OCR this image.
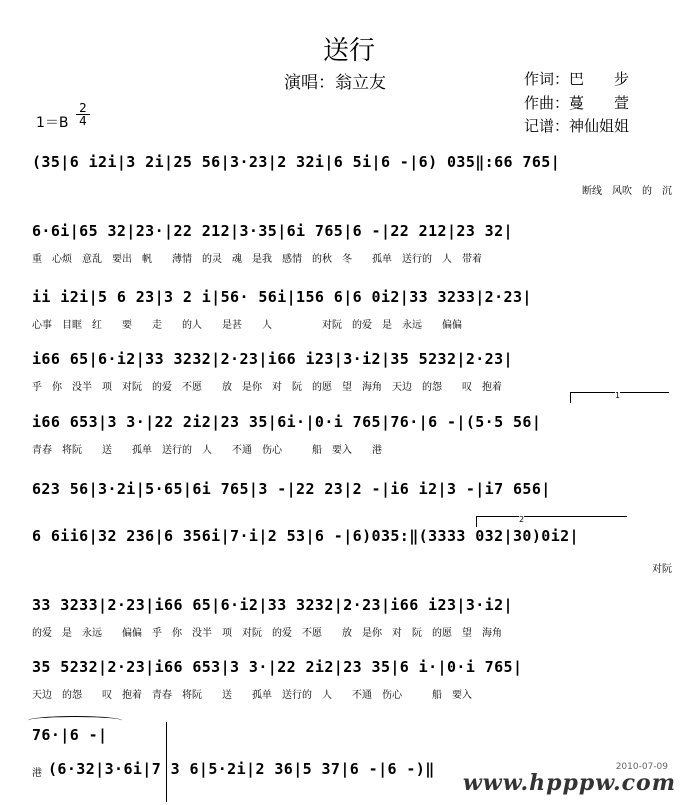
送行
演唱：翁立友	作词：巴　　步
作曲：蔓　　萱
记谱：神仙姐姐
1＝B
2
4
(35|6 i2i|3 2i|25 56|3·23|2 32i|6 5i|6 -|6) 035‖:66 765|
断线　风吹　的　沉
6·6i|65 32|23·|22 212|3·35|6i 765|6 -|22 212|23 32|
重　心烦　意乱　要出　帆　　薄情　的灵　魂　是我　感情　的秋　冬　　孤单　送行的　人　带着
ii i2i|5 6 23|3 2 i|56· 56i|156 6|6 0i2|33 3233|2·23|
心事　目眶　红　　要　　走　　的人　　是甚　　人　　　　　对阮　的爱　是　永远　　偏偏
i66 65|6·i2|33 3232|2·23|i66 i23|3·i2|35 5232|2·23|
乎　你　没半　项　对阮　的爱　不愿　　放　是你　对　阮　的愿　望　海角　天边　的怨　　叹　抱着

1

i66 653|3 3·|22 2i2|23 35|6i·|0·i 765|76·|6 -|(5·5 56|
青春　将阮　　送　　孤单　送行的　人　　不通　伤心　　　船　要入　　港
623 56|3·2i|5·65|6i 765|3 -|22 23|2 -|i6 i2|3 -|i7 656|

2

6 6ii6|32 236|6 356i|7·i|2 53|6 -|6)035:‖(3333 032|30)0i2|
对阮
33 3233|2·23|i66 65|6·i2|33 3232|2·23|i66 i23|3·i2|
的爱　是　永远　　偏偏　乎　你　没半　项　对阮　的爱　不愿　　放　是你　对　阮　的愿　望　海角
35 5232|2·23|i66 653|3 3·|22 2i2|23 35|6 i·|0·i 765|
天边　的怨　　叹　抱着　青春　将阮　　送　　孤单　送行的　人　　不通　伤心　　　船　要入
76·|6 -|
港 (6·32|3·6i|7 3 6|5·2i|2 36|5 37|6 -|6 -)‖	2010-07-09
www.hpppw.com
